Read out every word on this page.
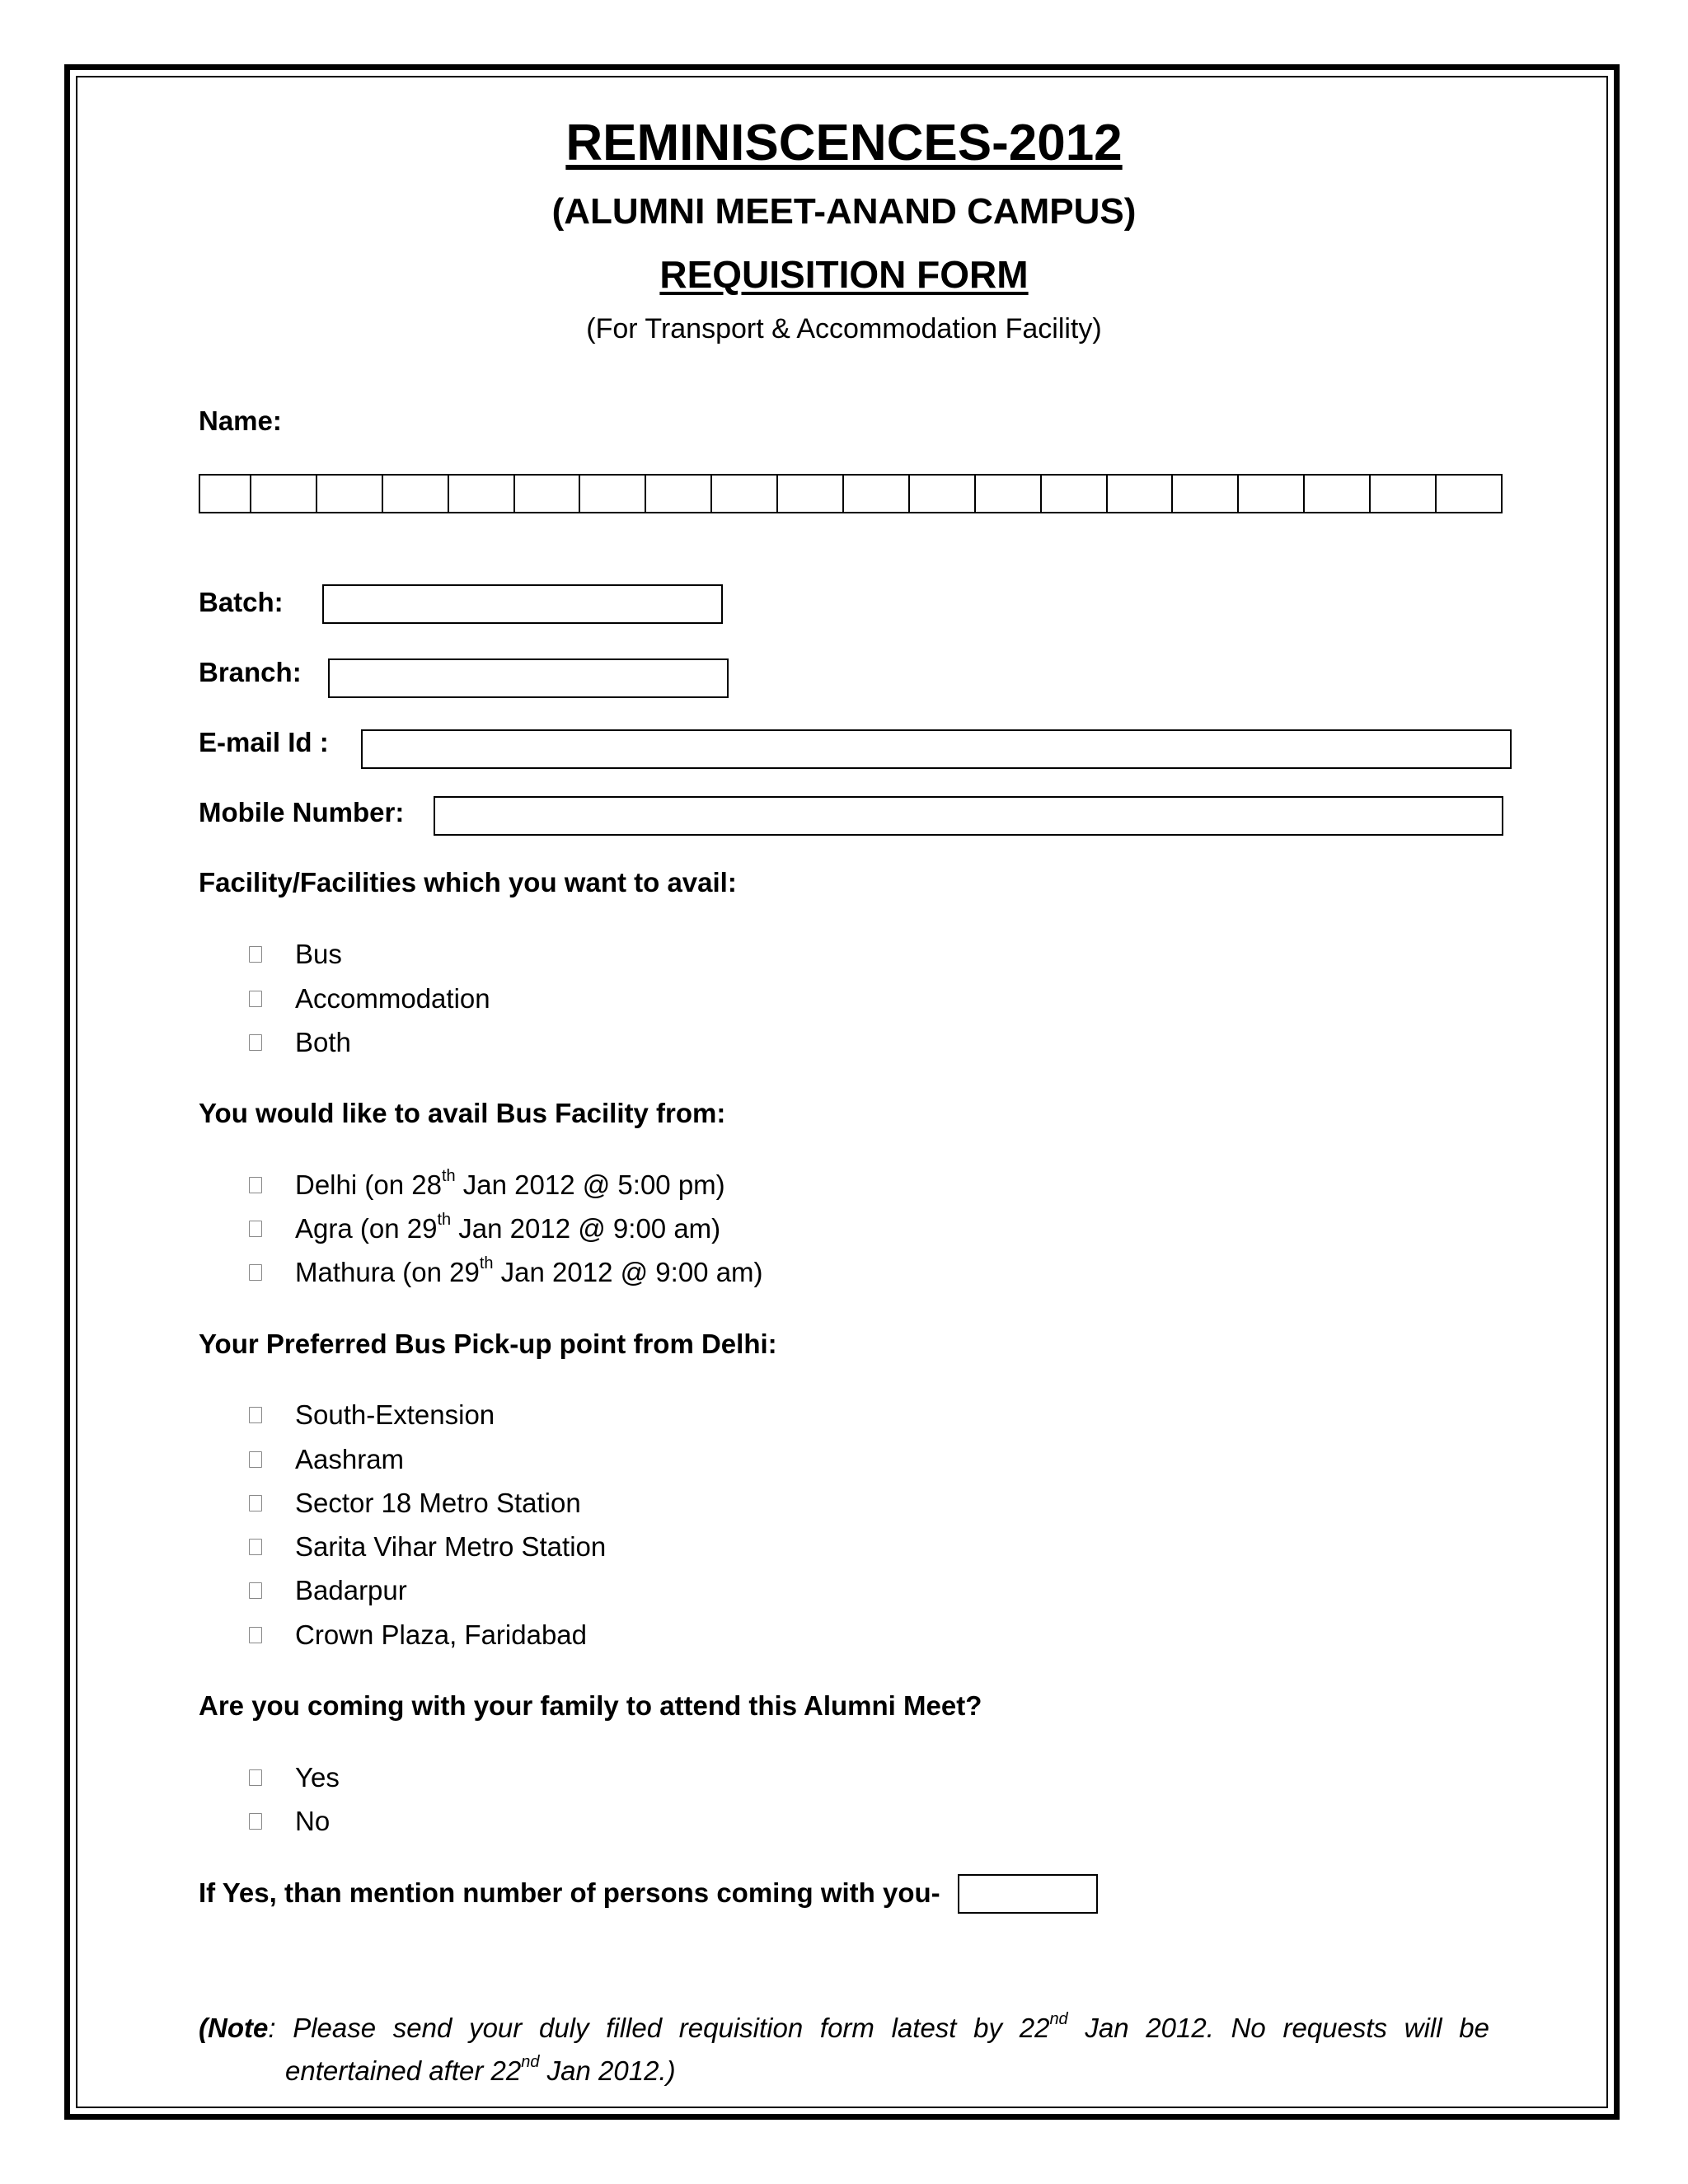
REMINISCENCES-2012
(ALUMNI MEET-ANAND CAMPUS)
REQUISITION FORM
(For Transport & Accommodation Facility)
Name:
Batch:
Branch:
E-mail Id :
Mobile Number:
Facility/Facilities which you want to avail:
Bus
Accommodation
Both
You would like to avail Bus Facility from:
Delhi (on 28th Jan 2012 @ 5:00 pm)
Agra (on 29th Jan 2012 @ 9:00 am)
Mathura (on 29th Jan 2012 @ 9:00 am)
Your Preferred Bus Pick-up point from Delhi:
South-Extension
Aashram
Sector 18 Metro Station
Sarita Vihar Metro Station
Badarpur
Crown Plaza, Faridabad
Are you coming with your family to attend this Alumni Meet?
Yes
No
If Yes, than mention number of persons coming with you-
(Note: Please send your duly filled requisition form latest by 22nd Jan 2012. No requests will be
entertained after 22nd Jan 2012.)
